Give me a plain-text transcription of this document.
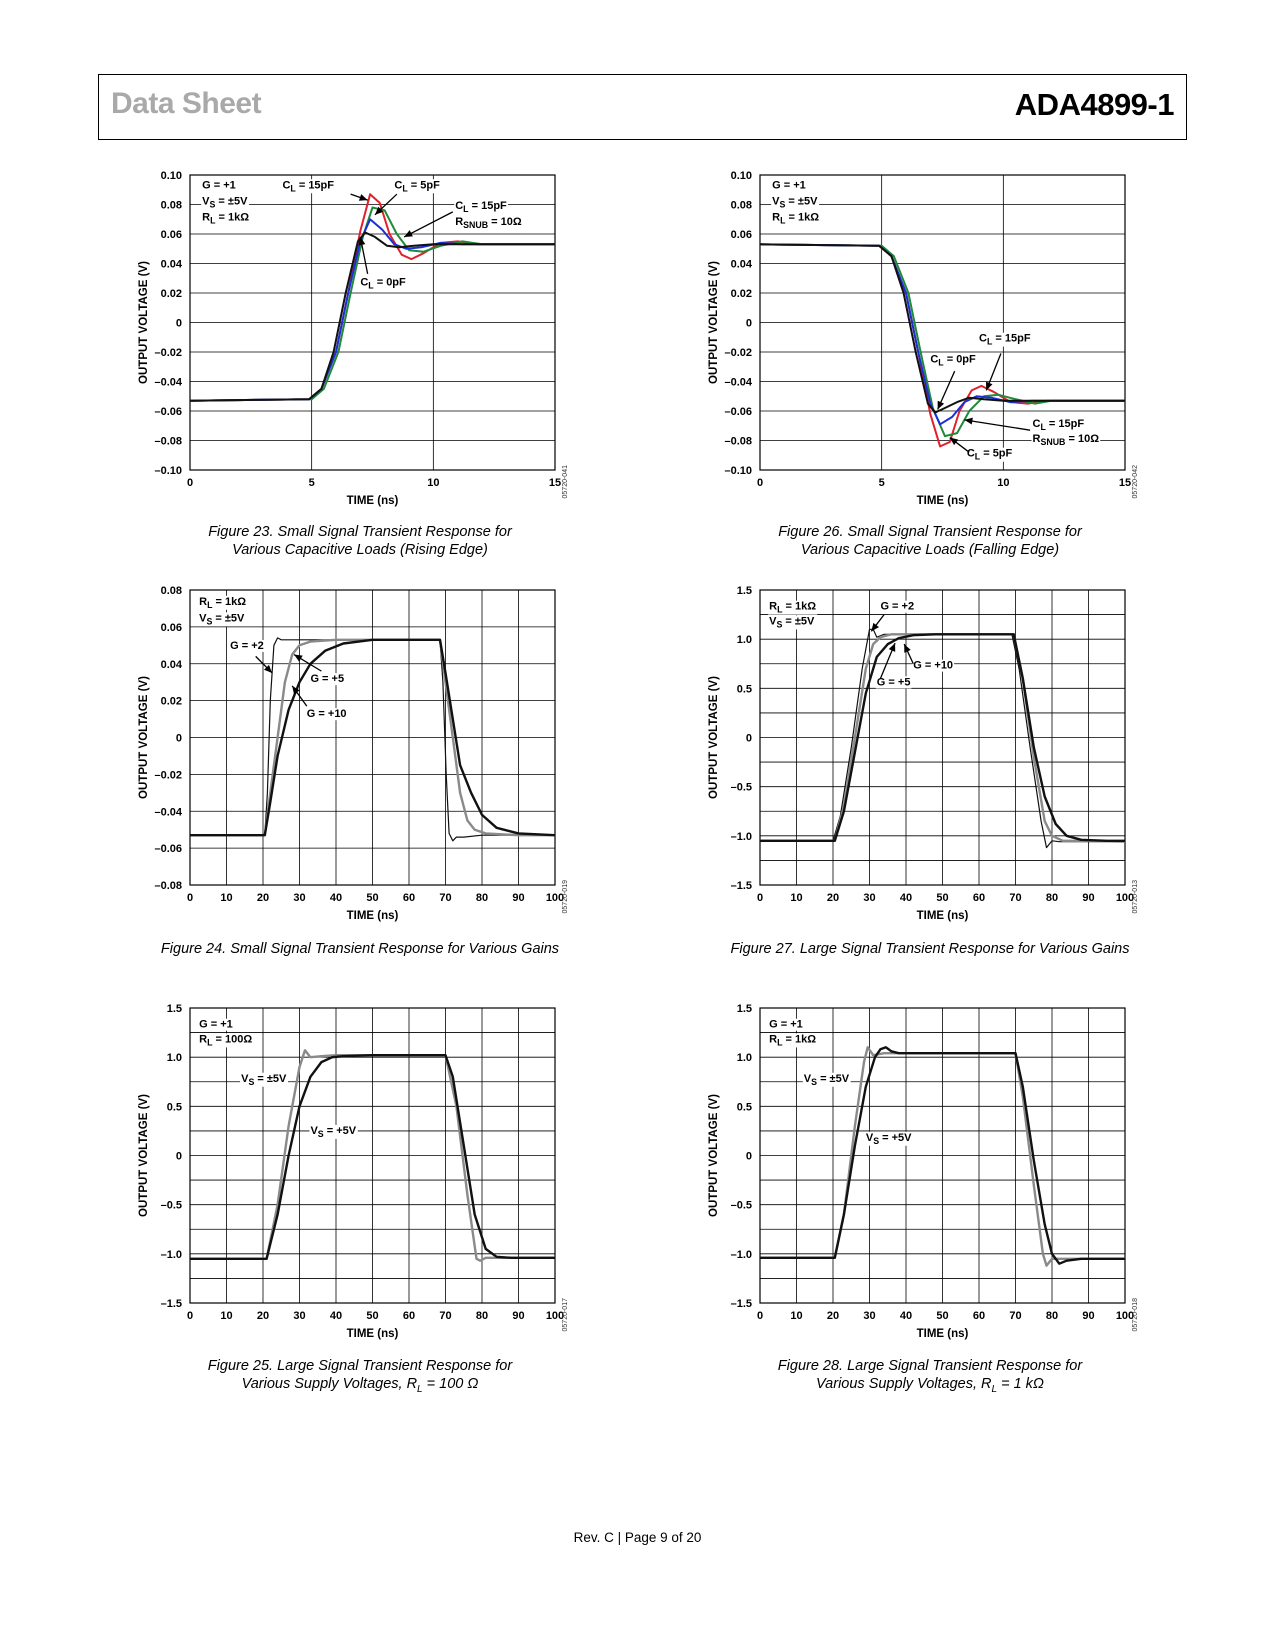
Data Sheet	ADA4899-1
0	5	10	15
0.10
0.08
0.06
0.04
0.02
0
–0.02
–0.04
–0.06
–0.08
–0.10
TIME (ns)
OUTPUT VOLTAGE (V)
05720-041
G = +1
VS = ±5V
RL = 1kΩ
CL = 15pF	CL = 5pF
CL = 15pF
RSNUB = 10Ω
CL = 0pF
Figure 23. Small Signal Transient Response for
Various Capacitive Loads (Rising Edge)
0	5	10	15
0.10
0.08
0.06
0.04
0.02
0
–0.02
–0.04
–0.06
–0.08
–0.10
TIME (ns)
OUTPUT VOLTAGE (V)
05720-042
G = +1
VS = ±5V
RL = 1kΩ
CL = 15pF
CL = 0pF
CL = 15pF
RSNUB = 10Ω
CL = 5pF
Figure 26. Small Signal Transient Response for
Various Capacitive Loads (Falling Edge)
0 10 20 30 40 50 60 70 80 90 100
0.08
0.06
0.04
0.02
0
–0.02
–0.04
–0.06
–0.08
TIME (ns)
OUTPUT VOLTAGE (V)
05720-019
RL = 1kΩ
VS = ±5V
G = +2
G = +5
G = +10
Figure 24. Small Signal Transient Response for Various Gains
0 10 20 30 40 50 60 70 80 90 100
1.5
1.0
0.5
0
–0.5
–1.0
–1.5
TIME (ns)
OUTPUT VOLTAGE (V)
05720-013
RL = 1kΩ
VS = ±5V
G = +2
G = +10
G = +5
Figure 27. Large Signal Transient Response for Various Gains
0 10 20 30 40 50 60 70 80 90 100
1.5
1.0
0.5
0
–0.5
–1.0
–1.5
TIME (ns)
OUTPUT VOLTAGE (V)
05720-017
G = +1
RL = 100Ω
VS = ±5V
VS = +5V
Figure 25. Large Signal Transient Response for
Various Supply Voltages, $R_L = 100$ Ω
0 10 20 30 40 50 60 70 80 90 100
1.5
1.0
0.5
0
–0.5
–1.0
–1.5
TIME (ns)
OUTPUT VOLTAGE (V)
05720-018
G = +1
RL = 1kΩ
VS = ±5V
VS = +5V
Figure 28. Large Signal Transient Response for
Various Supply Voltages, $R_L = 1$ kΩ
Rev. C | Page 9 of 20
